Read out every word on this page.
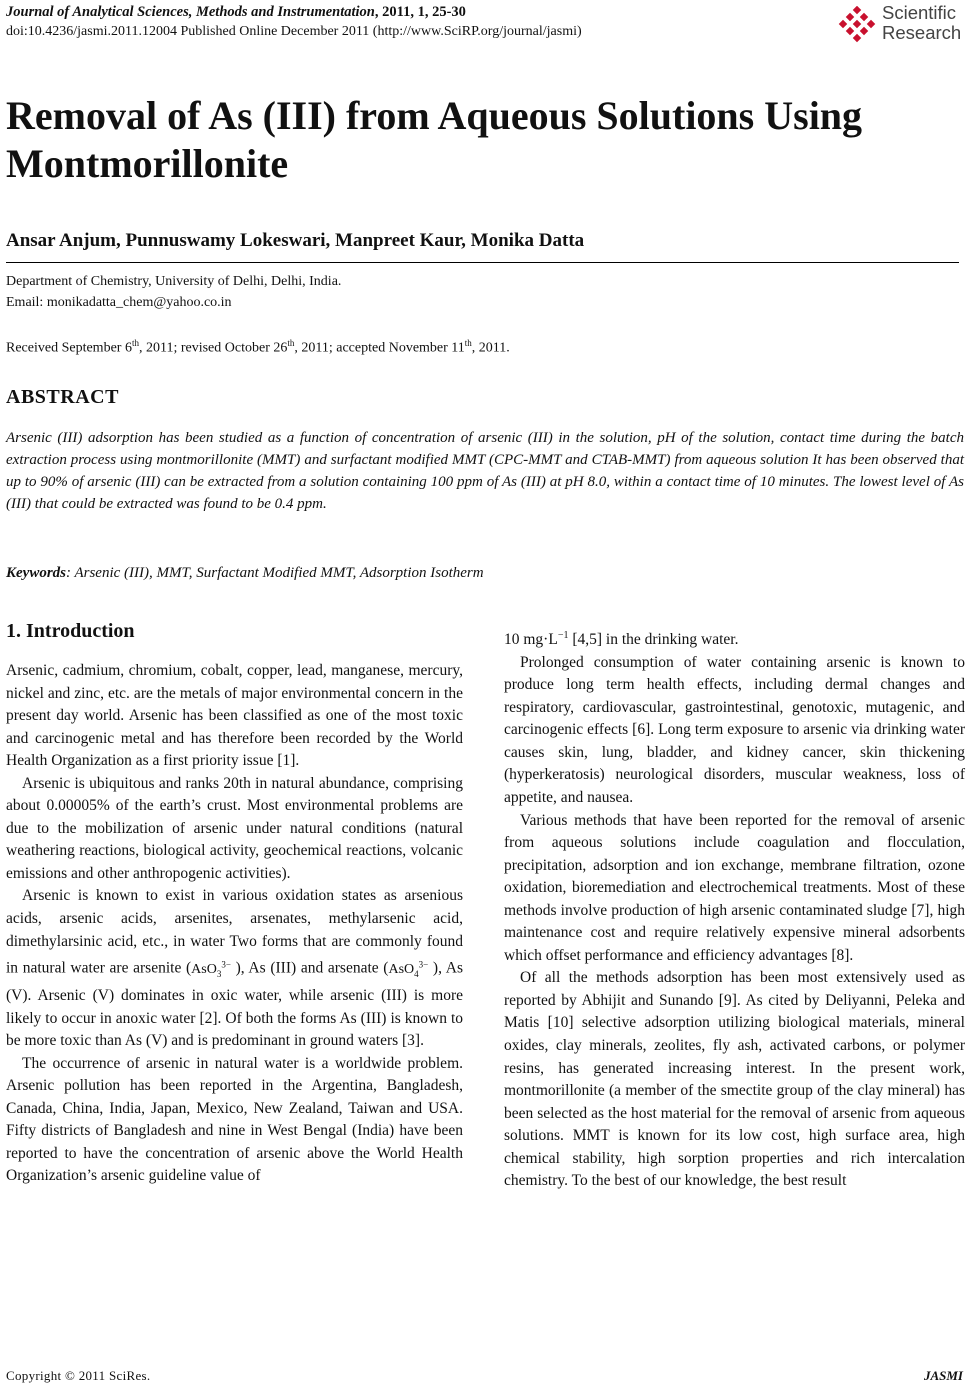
Journal of Analytical Sciences, Methods and Instrumentation, 2011, 1, 25-30
doi:10.4236/jasmi.2011.12004 Published Online December 2011 (http://www.SciRP.org/journal/jasmi)
Scientific
Research
Removal of As (III) from Aqueous Solutions Using Montmorillonite
Ansar Anjum, Punnuswamy Lokeswari, Manpreet Kaur, Monika Datta
Department of Chemistry, University of Delhi, Delhi, India.
Email: monikadatta_chem@yahoo.co.in
Received September 6th, 2011; revised October 26th, 2011; accepted November 11th, 2011.
ABSTRACT

Arsenic (III) adsorption has been studied as a function of concentration of arsenic (III) in the solution, pH of the solution, contact time during the batch extraction process using montmorillonite (MMT) and surfactant modified MMT (CPC-MMT and CTAB-MMT) from aqueous solution It has been observed that up to 90% of arsenic (III) can be extracted from a solution containing 100 ppm of As (III) at pH 8.0, within a contact time of 10 minutes. The lowest level of As (III) that could be extracted was found to be 0.4 ppm.

Keywords: Arsenic (III), MMT, Surfactant Modified MMT, Adsorption Isotherm
1. Introduction

Arsenic, cadmium, chromium, cobalt, copper, lead, manganese, mercury, nickel and zinc, etc. are the metals of major environmental concern in the present day world. Arsenic has been classified as one of the most toxic and carcinogenic metal and has therefore been recorded by the World Health Organization as a first priority issue [1].

Arsenic is ubiquitous and ranks 20th in natural abundance, comprising about 0.00005% of the earth’s crust. Most environmental problems are due to the mobilization of arsenic under natural conditions (natural weathering reactions, biological activity, geochemical reactions, volcanic emissions and other anthropogenic activities).

Arsenic is known to exist in various oxidation states as arsenious acids, arsenic acids, arsenites, arsenates, methylarsenic acid, dimethylarsinic acid, etc., in water Two forms that are commonly found in natural water are arsenite (AsO$_3^{3-}$ ), As (III) and arsenate (AsO$_4^{3-}$ ), As (V). Arsenic (V) dominates in oxic water, while arsenic (III) is more likely to occur in anoxic water [2]. Of both the forms As (III) is known to be more toxic than As (V) and is predominant in ground waters [3].

The occurrence of arsenic in natural water is a worldwide problem. Arsenic pollution has been reported in the Argentina, Bangladesh, Canada, China, India, Japan, Mexico, New Zealand, Taiwan and USA. Fifty districts of Bangladesh and nine in West Bengal (India) have been reported to have the concentration of arsenic above the World Health Organization’s arsenic guideline value of

10 $mg\cdot L^{-1}$ [4,5] in the drinking water.

Prolonged consumption of water containing arsenic is known to produce long term health effects, including dermal changes and respiratory, cardiovascular, gastrointestinal, genotoxic, mutagenic, and carcinogenic effects [6]. Long term exposure to arsenic via drinking water causes skin, lung, bladder, and kidney cancer, skin thickening (hyperkeratosis) neurological disorders, muscular weakness, loss of appetite, and nausea.

Various methods that have been reported for the removal of arsenic from aqueous solutions include coagulation and flocculation, precipitation, adsorption and ion exchange, membrane filtration, ozone oxidation, bioremediation and electrochemical treatments. Most of these methods involve production of high arsenic contaminated sludge [7], high maintenance cost and require relatively expensive mineral adsorbents which offset performance and efficiency advantages [8].

Of all the methods adsorption has been most extensively used as reported by Abhijit and Sunando [9]. As cited by Deliyanni, Peleka and Matis [10] selective adsorption utilizing biological materials, mineral oxides, clay minerals, zeolites, fly ash, activated carbons, or polymer resins, has generated increasing interest. In the present work, montmorillonite (a member of the smectite group of the clay mineral) has been selected as the host material for the removal of arsenic from aqueous solutions. MMT is known for its low cost, high surface area, high chemical stability, high sorption properties and rich intercalation chemistry. To the best of our knowledge, the best result

Copyright © 2011 SciRes.	JASMI
